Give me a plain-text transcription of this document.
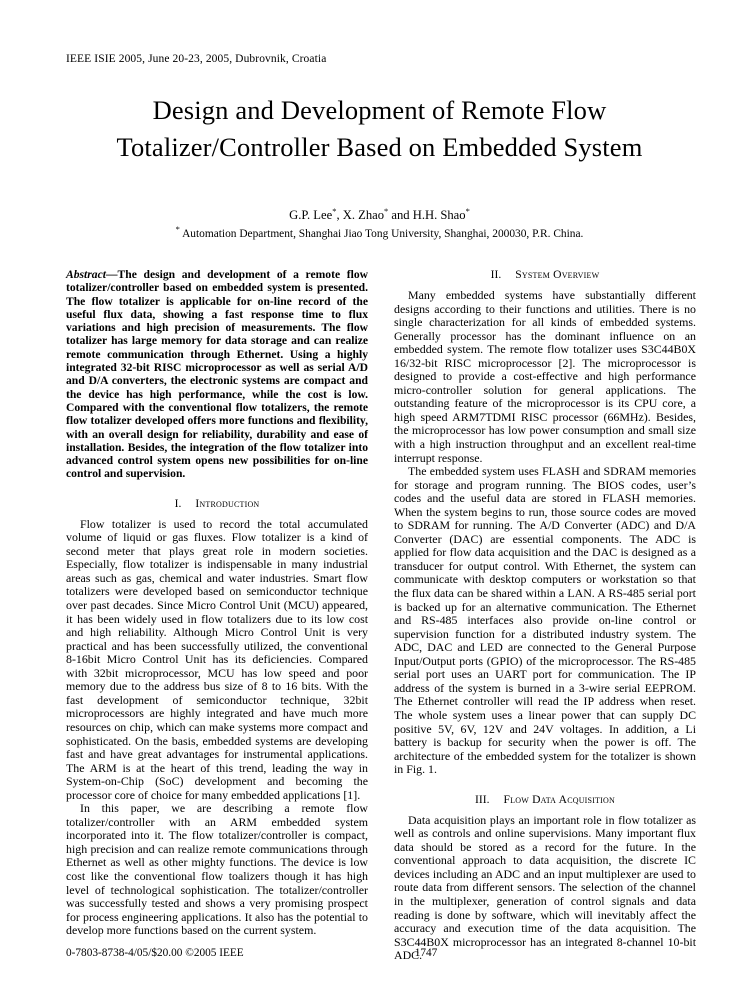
IEEE ISIE 2005, June 20-23, 2005, Dubrovnik, Croatia
Design and Development of Remote Flow
Totalizer/Controller Based on Embedded System
G.P. Lee*, X. Zhao* and H.H. Shao*
* Automation Department, Shanghai Jiao Tong University, Shanghai, 200030, P.R. China.

Abstract—The design and development of a remote flow totalizer/controller based on embedded system is presented. The flow totalizer is applicable for on-line record of the useful flux data, showing a fast response time to flux variations and high precision of measurements. The flow totalizer has large memory for data storage and can realize remote communication through Ethernet. Using a highly integrated 32-bit RISC microprocessor as well as serial A/D and D/A converters, the electronic systems are compact and the device has high performance, while the cost is low. Compared with the conventional flow totalizers, the remote flow totalizer developed offers more functions and flexibility, with an overall design for reliability, durability and ease of installation. Besides, the integration of the flow totalizer into advanced control system opens new possibilities for on-line control and supervision.

I. Introduction

Flow totalizer is used to record the total accumulated volume of liquid or gas fluxes. Flow totalizer is a kind of second meter that plays great role in modern societies. Especially, flow totalizer is indispensable in many industrial areas such as gas, chemical and water industries. Smart flow totalizers were developed based on semiconductor technique over past decades. Since Micro Control Unit (MCU) appeared, it has been widely used in flow totalizers due to its low cost and high reliability. Although Micro Control Unit is very practical and has been successfully utilized, the conventional 8-16bit Micro Control Unit has its deficiencies. Compared with 32bit microprocessor, MCU has low speed and poor memory due to the address bus size of 8 to 16 bits. With the fast development of semiconductor technique, 32bit microprocessors are highly integrated and have much more resources on chip, which can make systems more compact and sophisticated. On the basis, embedded systems are developing fast and have great advantages for instrumental applications. The ARM is at the heart of this trend, leading the way in System-on-Chip (SoC) development and becoming the processor core of choice for many embedded applications [1].

In this paper, we are describing a remote flow totalizer/controller with an ARM embedded system incorporated into it. The flow totalizer/controller is compact, high precision and can realize remote communications through Ethernet as well as other mighty functions. The device is low cost like the conventional flow toalizers though it has high level of technological sophistication. The totalizer/controller was successfully tested and shows a very promising prospect for process engineering applications. It also has the potential to develop more functions based on the current system.

II. System Overview

Many embedded systems have substantially different designs according to their functions and utilities. There is no single characterization for all kinds of embedded systems. Generally processor has the dominant influence on an embedded system. The remote flow totalizer uses S3C44B0X 16/32-bit RISC microprocessor [2]. The microprocessor is designed to provide a cost-effective and high performance micro-controller solution for general applications. The outstanding feature of the microprocessor is its CPU core, a high speed ARM7TDMI RISC processor (66MHz). Besides, the microprocessor has low power consumption and small size with a high instruction throughput and an excellent real-time interrupt response.

The embedded system uses FLASH and SDRAM memories for storage and program running. The BIOS codes, user’s codes and the useful data are stored in FLASH memories. When the system begins to run, those source codes are moved to SDRAM for running. The A/D Converter (ADC) and D/A Converter (DAC) are essential components. The ADC is applied for flow data acquisition and the DAC is designed as a transducer for output control. With Ethernet, the system can communicate with desktop computers or workstation so that the flux data can be shared within a LAN. A RS-485 serial port is backed up for an alternative communication. The Ethernet and RS-485 interfaces also provide on-line control or supervision function for a distributed industry system. The ADC, DAC and LED are connected to the General Purpose Input/Output ports (GPIO) of the microprocessor. The RS-485 serial port uses an UART port for communication. The IP address of the system is burned in a 3-wire serial EEPROM. The Ethernet controller will read the IP address when reset. The whole system uses a linear power that can supply DC positive 5V, 6V, 12V and 24V voltages. In addition, a Li battery is backup for security when the power is off. The architecture of the embedded system for the totalizer is shown in Fig. 1.

III. Flow Data Acquisition

Data acquisition plays an important role in flow totalizer as well as controls and online supervisions. Many important flux data should be stored as a record for the future. In the conventional approach to data acquisition, the discrete IC devices including an ADC and an input multiplexer are used to route data from different sensors. The selection of the channel in the multiplexer, generation of control signals and data reading is done by software, which will inevitably affect the accuracy and execution time of the data acquisition. The S3C44B0X microprocessor has an integrated 8-channel 10-bit ADC.

0-7803-8738-4/05/$20.00 ©2005 IEEE	1747
